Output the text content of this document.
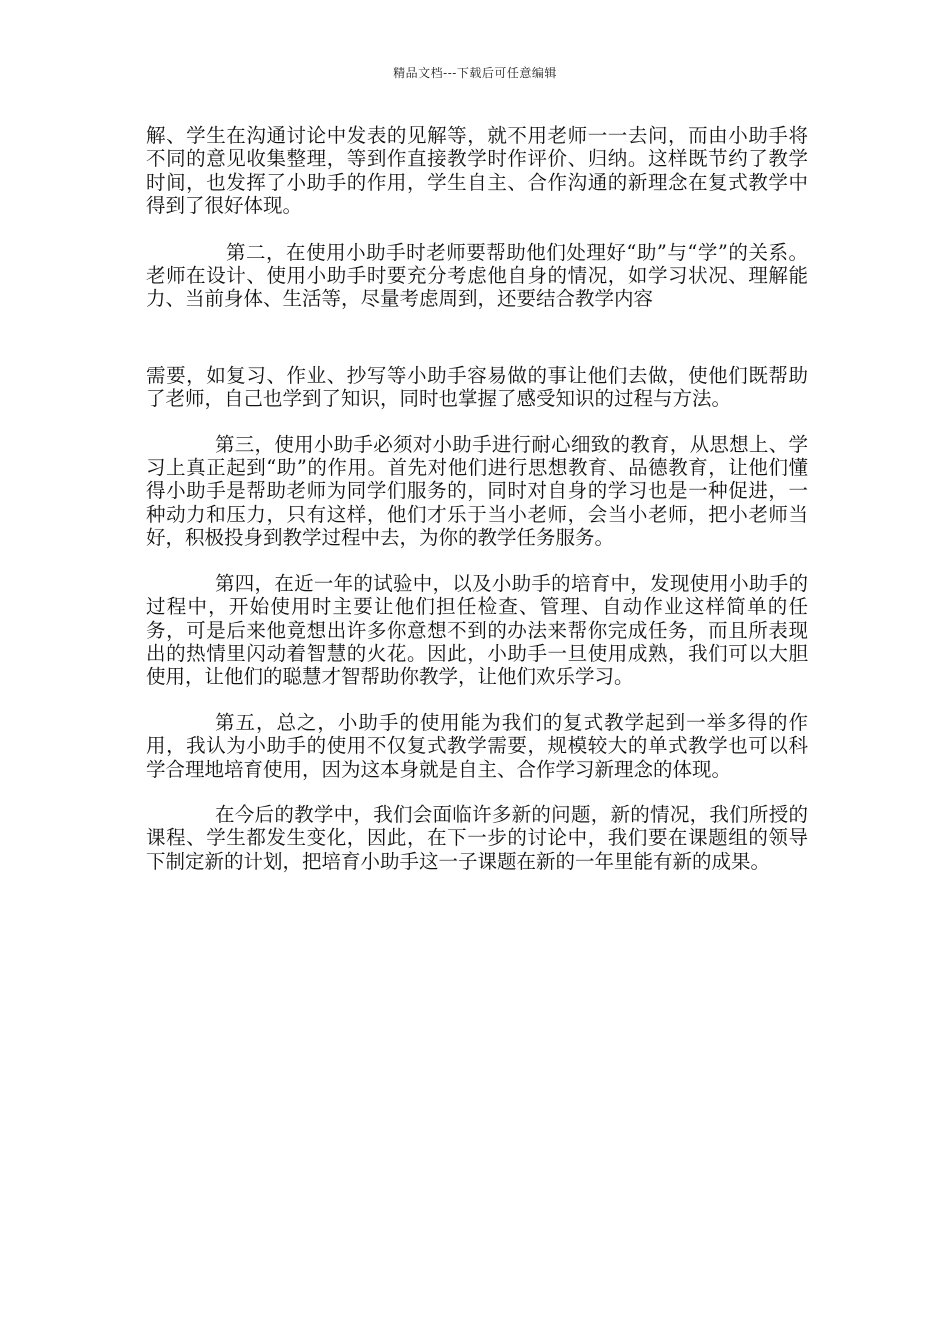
精品文档---下载后可任意编辑

解、学生在沟通讨论中发表的见解等，就不用老师一一去问，而由小助手将不同的意见收集整理，等到作直接教学时作评价、归纳。这样既节约了教学时间，也发挥了小助手的作用，学生自主、合作沟通的新理念在复式教学中得到了很好体现。

第二，在使用小助手时老师要帮助他们处理好“助”与“学”的关系。老师在设计、使用小助手时要充分考虑他自身的情况，如学习状况、理解能力、当前身体、生活等，尽量考虑周到，还要结合教学内容

需要，如复习、作业、抄写等小助手容易做的事让他们去做，使他们既帮助了老师，自己也学到了知识，同时也掌握了感受知识的过程与方法。

第三，使用小助手必须对小助手进行耐心细致的教育，从思想上、学习上真正起到“助”的作用。首先对他们进行思想教育、品德教育，让他们懂得小助手是帮助老师为同学们服务的，同时对自身的学习也是一种促进，一种动力和压力，只有这样，他们才乐于当小老师，会当小老师，把小老师当好，积极投身到教学过程中去，为你的教学任务服务。

第四，在近一年的试验中，以及小助手的培育中，发现使用小助手的过程中，开始使用时主要让他们担任检查、管理、自动作业这样简单的任务，可是后来他竟想出许多你意想不到的办法来帮你完成任务，而且所表现出的热情里闪动着智慧的火花。因此，小助手一旦使用成熟，我们可以大胆使用，让他们的聪慧才智帮助你教学，让他们欢乐学习。

第五，总之，小助手的使用能为我们的复式教学起到一举多得的作用，我认为小助手的使用不仅复式教学需要，规模较大的单式教学也可以科学合理地培育使用，因为这本身就是自主、合作学习新理念的体现。

在今后的教学中，我们会面临许多新的问题，新的情况，我们所授的课程、学生都发生变化，因此，在下一步的讨论中，我们要在课题组的领导下制定新的计划，把培育小助手这一子课题在新的一年里能有新的成果。
